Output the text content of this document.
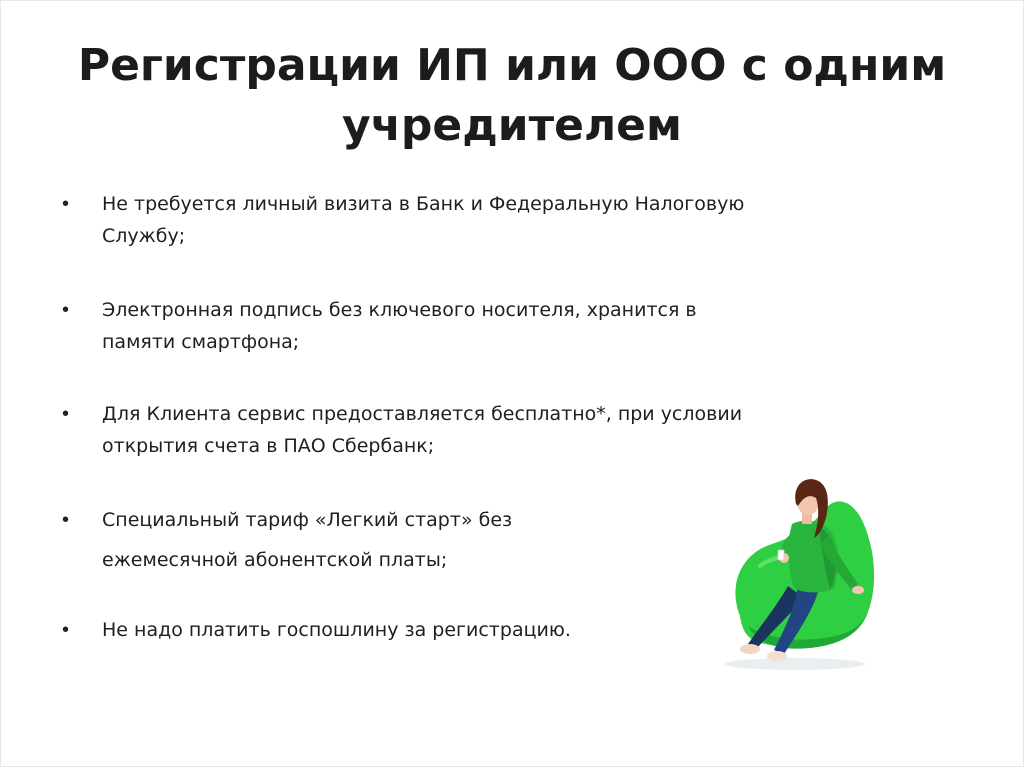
Регистрации ИП или ООО с одним учредителем
•	Не требуется личный визита в Банк и Федеральную Налоговую
Службу;
•	Электронная подпись без ключевого носителя, хранится в
памяти смартфона;
•	Для Клиента сервис предоставляется бесплатно*, при условии
открытия счета в ПАО Сбербанк;
•	Специальный тариф «Легкий старт» без
ежемесячной абонентской платы;
•	Не надо платить госпошлину за регистрацию.
